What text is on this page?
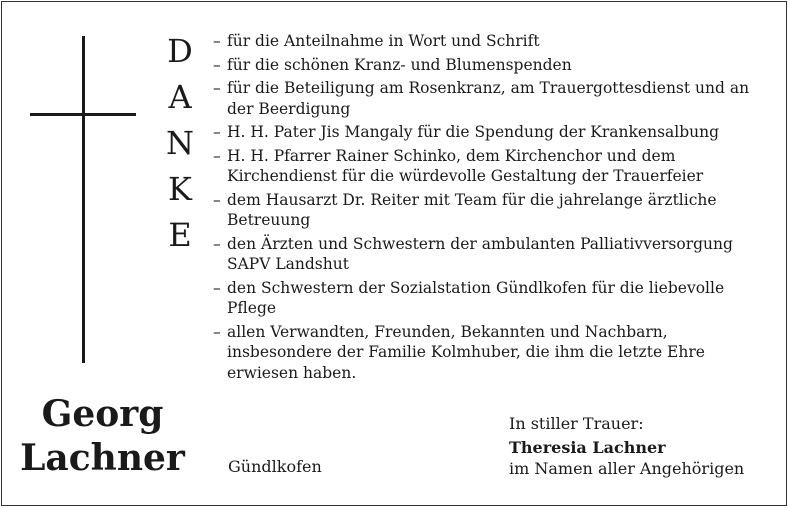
D
A
N
K
E
– für die Anteilnahme in Wort und Schrift
– für die schönen Kranz- und Blumenspenden
– für die Beteiligung am Rosenkranz, am Trauergottesdienst und an der Beerdigung
– H. H. Pater Jis Mangaly für die Spendung der Krankensalbung
– H. H. Pfarrer Rainer Schinko, dem Kirchenchor und dem Kirchendienst für die würdevolle Gestaltung der Trauerfeier
– dem Hausarzt Dr. Reiter mit Team für die jahrelange ärztliche Betreuung
– den Ärzten und Schwestern der ambulanten Palliativversorgung SAPV Landshut
– den Schwestern der Sozialstation Gündlkofen für die liebevolle Pflege
– allen Verwandten, Freunden, Bekannten und Nachbarn, insbesondere der Familie Kolmhuber, die ihm die letzte Ehre erwiesen haben.
Georg
Lachner	Gündlkofen
In stiller Trauer:
Theresia Lachner
im Namen aller Angehörigen
